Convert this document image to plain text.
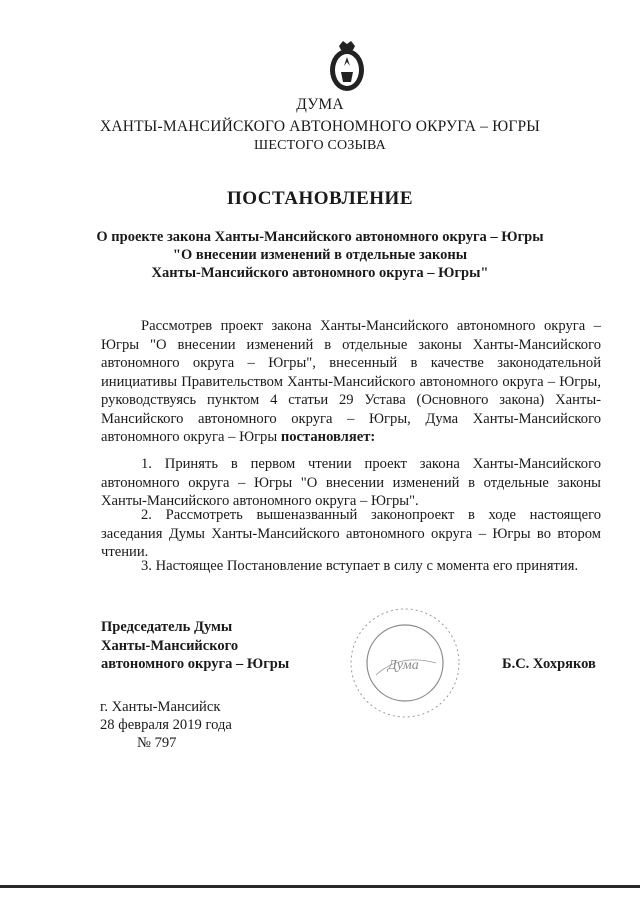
ДУМА
ХАНТЫ-МАНСИЙСКОГО АВТОНОМНОГО ОКРУГА – ЮГРЫ
ШЕСТОГО СОЗЫВА
ПОСТАНОВЛЕНИЕ
О проекте закона Ханты-Мансийского автономного округа – Югры
"О внесении изменений в отдельные законы
Ханты-Мансийского автономного округа – Югры"
Рассмотрев проект закона Ханты-Мансийского автономного округа – Югры "О внесении изменений в отдельные законы Ханты-Мансийского автономного округа – Югры", внесенный в качестве законодательной инициативы Правительством Ханты-Мансийского автономного округа – Югры, руководствуясь пунктом 4 статьи 29 Устава (Основного закона) Ханты-Мансийского автономного округа – Югры, Дума Ханты-Мансийского автономного округа – Югры постановляет:
1. Принять в первом чтении проект закона Ханты-Мансийского автономного округа – Югры "О внесении изменений в отдельные законы Ханты-Мансийского автономного округа – Югры".
2. Рассмотреть вышеназванный законопроект в ходе настоящего заседания Думы Ханты-Мансийского автономного округа – Югры во втором чтении.
3. Настоящее Постановление вступает в силу с момента его принятия.
Председатель Думы
Ханты-Мансийского
автономного округа – Югры	Б.С. Хохряков
Дума
г. Ханты-Мансийск
28 февраля 2019 года
№ 797
